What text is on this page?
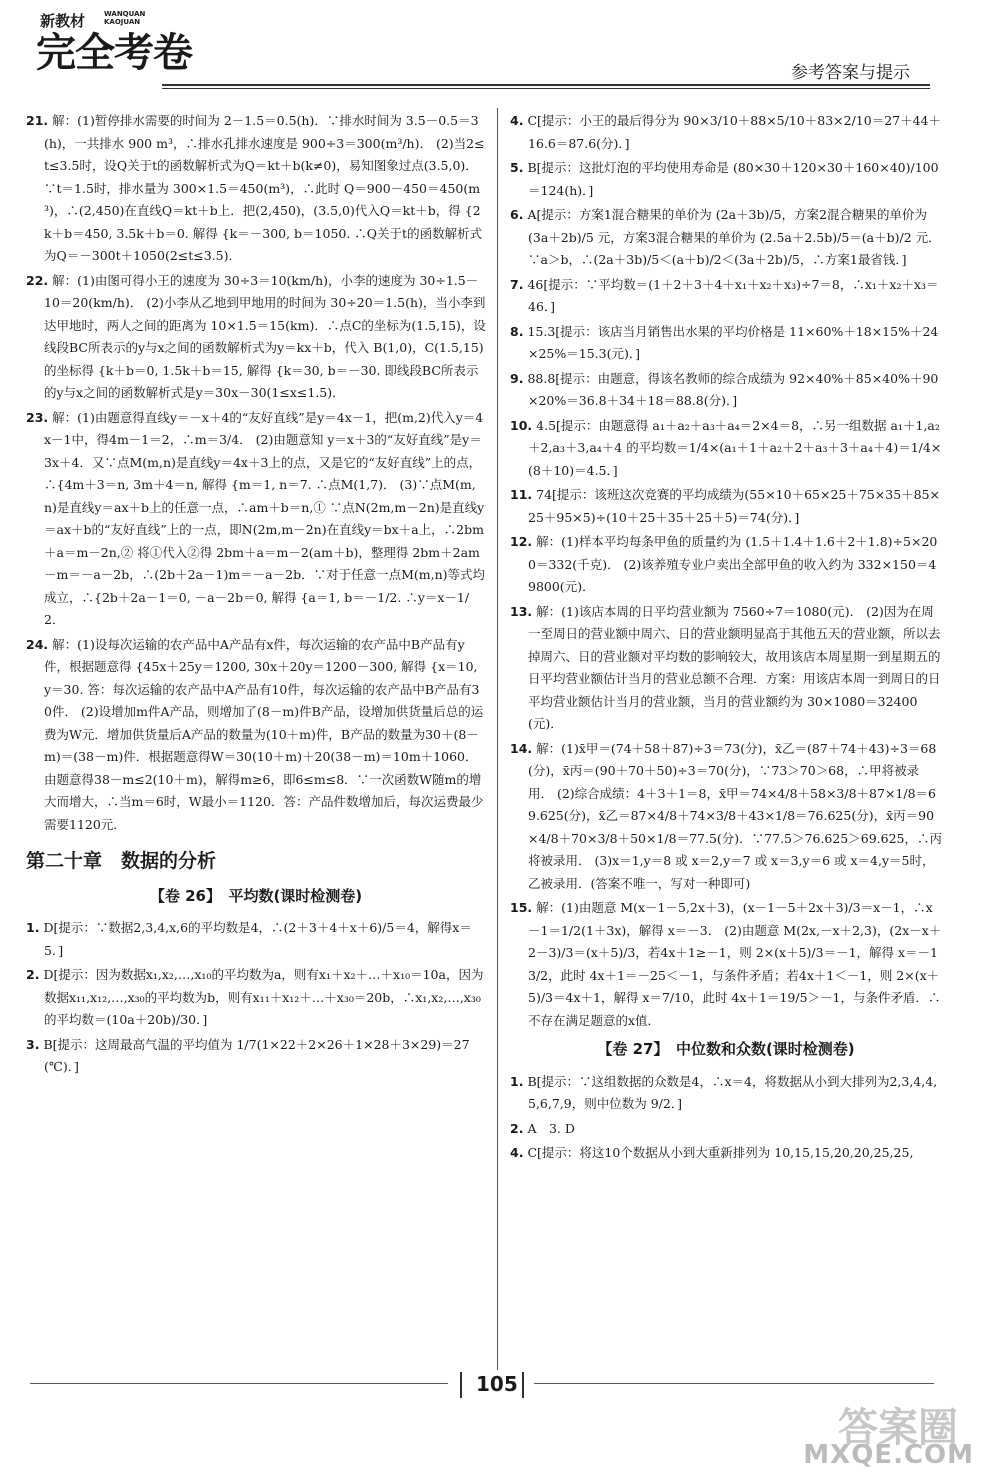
新教材	WANQUAN KAOJUAN
完全考卷	参考答案与提示
21. 解：(1)暂停排水需要的时间为 2－1.5＝0.5(h)．∵排水时间为 3.5－0.5＝3(h)，一共排水 900 m³，∴排水孔排水速度是 900÷3＝300(m³/h)． (2)当2≤t≤3.5时，设Q关于t的函数解析式为Q＝kt＋b(k≠0)，易知图象过点(3.5,0)．∵t＝1.5时，排水量为 300×1.5＝450(m³)，∴此时 Q＝900－450＝450(m³)，∴(2,450)在直线Q＝kt＋b上．把(2,450)，(3.5,0)代入Q＝kt＋b，得 {2k＋b＝450, 3.5k＋b＝0. 解得 {k＝－300, b＝1050. ∴Q关于t的函数解析式为Q＝－300t＋1050(2≤t≤3.5)．
22. 解：(1)由图可得小王的速度为 30÷3＝10(km/h)，小李的速度为 30÷1.5－10＝20(km/h)． (2)小李从乙地到甲地用的时间为 30÷20＝1.5(h)，当小李到达甲地时，两人之间的距离为 10×1.5＝15(km)．∴点C的坐标为(1.5,15)，设线段BC所表示的y与x之间的函数解析式为y＝kx＋b，代入 B(1,0)，C(1.5,15)的坐标得 {k＋b＝0, 1.5k＋b＝15, 解得 {k＝30, b＝－30. 即线段BC所表示的y与x之间的函数解析式是y＝30x－30(1≤x≤1.5)．
23. 解：(1)由题意得直线y＝－x＋4的“友好直线”是y＝4x－1，把(m,2)代入y＝4x－1中，得4m－1＝2，∴m＝3/4． (2)由题意知 y＝x＋3的“友好直线”是y＝3x＋4．又∵点M(m,n)是直线y＝4x＋3上的点，又是它的“友好直线”上的点，∴{4m＋3＝n, 3m＋4＝n, 解得 {m＝1, n＝7. ∴点M(1,7)． (3)∵点M(m,n)是直线y＝ax＋b上的任意一点，∴am＋b＝n,① ∵点N(2m,m－2n)是直线y＝ax＋b的“友好直线”上的一点，即N(2m,m－2n)在直线y＝bx＋a上，∴2bm＋a＝m－2n,② 将①代入②得 2bm＋a＝m－2(am＋b)，整理得 2bm＋2am－m＝－a－2b，∴(2b＋2a－1)m＝－a－2b．∵对于任意一点M(m,n)等式均成立，∴{2b＋2a－1＝0, －a－2b＝0, 解得 {a＝1, b＝－1/2. ∴y＝x－1/2．
24. 解：(1)设每次运输的农产品中A产品有x件，每次运输的农产品中B产品有y件，根据题意得 {45x＋25y＝1200, 30x＋20y＝1200－300, 解得 {x＝10, y＝30. 答：每次运输的农产品中A产品有10件，每次运输的农产品中B产品有30件． (2)设增加m件A产品，则增加了(8－m)件B产品，设增加供货量后总的运费为W元．增加供货量后A产品的数量为(10＋m)件，B产品的数量为30＋(8－m)＝(38－m)件．根据题意得W＝30(10＋m)＋20(38－m)＝10m＋1060．由题意得38－m≤2(10＋m)，解得m≥6，即6≤m≤8．∵一次函数W随m的增大而增大，∴当m＝6时，W最小＝1120．答：产品件数增加后，每次运费最少需要1120元．
第二十章　数据的分析
【卷 26】　平均数(课时检测卷)
1. D[提示：∵数据2,3,4,x,6的平均数是4，∴(2＋3＋4＋x＋6)/5＝4，解得x＝5．]
2. D[提示：因为数据x₁,x₂,…,x₁₀的平均数为a，则有x₁＋x₂＋…＋x₁₀＝10a，因为数据x₁₁,x₁₂,…,x₃₀的平均数为b，则有x₁₁＋x₁₂＋…＋x₃₀＝20b，∴x₁,x₂,…,x₃₀的平均数＝(10a＋20b)/30．]
3. B[提示：这周最高气温的平均值为 1/7(1×22＋2×26＋1×28＋3×29)＝27(℃)．]
4. C[提示：小王的最后得分为 90×3/10＋88×5/10＋83×2/10＝27＋44＋16.6＝87.6(分)．]
5. B[提示：这批灯泡的平均使用寿命是 (80×30＋120×30＋160×40)/100＝124(h)．]
6. A[提示：方案1混合糖果的单价为 (2a＋3b)/5，方案2混合糖果的单价为 (3a＋2b)/5 元，方案3混合糖果的单价为 (2.5a＋2.5b)/5＝(a＋b)/2 元．∵a＞b，∴(2a＋3b)/5＜(a＋b)/2＜(3a＋2b)/5，∴方案1最省钱．]
7. 46[提示：∵平均数＝(1＋2＋3＋4＋x₁＋x₂＋x₃)÷7＝8，∴x₁＋x₂＋x₃＝46．]
8. 15.3[提示：该店当月销售出水果的平均价格是 11×60%＋18×15%＋24×25%＝15.3(元)．]
9. 88.8[提示：由题意，得该名教师的综合成绩为 92×40%＋85×40%＋90×20%＝36.8＋34＋18＝88.8(分)．]
10. 4.5[提示：由题意得 a₁＋a₂＋a₃＋a₄＝2×4＝8，∴另一组数据 a₁＋1,a₂＋2,a₃＋3,a₄＋4 的平均数＝1/4×(a₁＋1＋a₂＋2＋a₃＋3＋a₄＋4)＝1/4×(8＋10)＝4.5．]
11. 74[提示：该班这次竞赛的平均成绩为(55×10＋65×25＋75×35＋85×25＋95×5)÷(10＋25＋35＋25＋5)＝74(分)．]
12. 解：(1)样本平均每条甲鱼的质量约为 (1.5＋1.4＋1.6＋2＋1.8)÷5×200＝332(千克)． (2)该养殖专业户卖出全部甲鱼的收入约为 332×150＝49800(元)．
13. 解：(1)该店本周的日平均营业额为 7560÷7＝1080(元)． (2)因为在周一至周日的营业额中周六、日的营业额明显高于其他五天的营业额，所以去掉周六、日的营业额对平均数的影响较大，故用该店本周星期一到星期五的日平均营业额估计当月的营业总额不合理．方案：用该店本周一到周日的日平均营业额估计当月的营业额，当月的营业额约为 30×1080＝32400(元)．
14. 解：(1)x̄甲＝(74＋58＋87)÷3＝73(分)，x̄乙＝(87＋74＋43)÷3＝68(分)，x̄丙＝(90＋70＋50)÷3＝70(分)，∵73＞70＞68，∴甲将被录用． (2)综合成绩：4＋3＋1＝8，x̄甲＝74×4/8＋58×3/8＋87×1/8＝69.625(分)，x̄乙＝87×4/8＋74×3/8＋43×1/8＝76.625(分)，x̄丙＝90×4/8＋70×3/8＋50×1/8＝77.5(分)．∵77.5＞76.625＞69.625，∴丙将被录用． (3)x＝1,y＝8 或 x＝2,y＝7 或 x＝3,y＝6 或 x＝4,y＝5时，乙被录用．(答案不唯一，写对一种即可)
15. 解：(1)由题意 M(x－1－5,2x＋3)，(x－1－5＋2x＋3)/3＝x－1，∴x－1＝1/2(1＋3x)，解得 x＝－3． (2)由题意 M(2x,－x＋2,3)，(2x－x＋2－3)/3＝(x＋5)/3，若4x＋1≥－1，则 2×(x＋5)/3＝－1，解得 x＝－13/2，此时 4x＋1＝－25＜－1，与条件矛盾；若4x＋1＜－1，则 2×(x＋5)/3＝4x＋1，解得 x＝7/10，此时 4x＋1＝19/5＞－1，与条件矛盾．∴不存在满足题意的x值．
【卷 27】　中位数和众数(课时检测卷)
1. B[提示：∵这组数据的众数是4，∴x＝4，将数据从小到大排列为2,3,4,4,5,6,7,9，则中位数为 9/2．]
2. A　3. D
4. C[提示：将这10个数据从小到大重新排列为 10,15,15,20,20,25,25,
105
答案圈
MXQE.COM
